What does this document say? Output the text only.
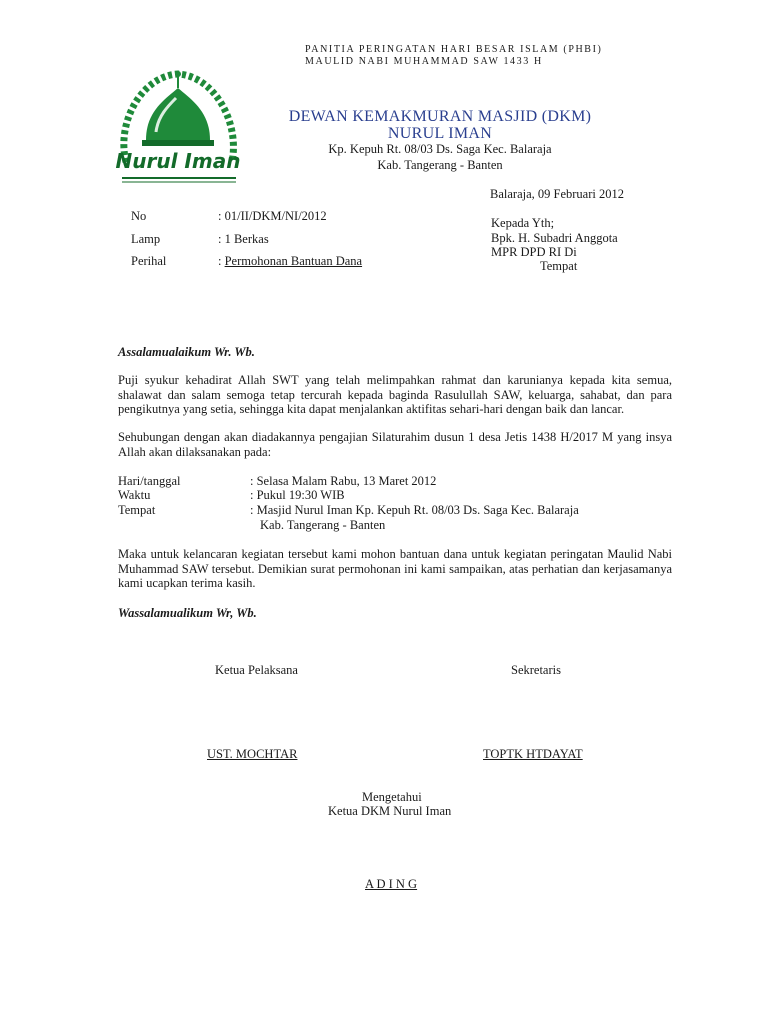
PANITIA PERINGATAN HARI BESAR ISLAM (PHBI)
MAULID NABI MUHAMMAD SAW 1433 H
Nurul Iman
DEWAN KEMAKMURAN MASJID (DKM)
NURUL IMAN
Kp. Kepuh Rt. 08/03 Ds. Saga Kec. Balaraja
Kab. Tangerang - Banten
Balaraja, 09 Februari 2012
No	: 01/II/DKM/NI/2012
Lamp	: 1 Berkas
Perihal	: Permohonan Bantuan Dana
Kepada Yth;
Bpk. H. Subadri Anggota
MPR DPD RI Di
Tempat
Assalamualaikum Wr. Wb.
Puji syukur kehadirat Allah SWT yang telah melimpahkan rahmat dan karunianya kepada kita semua, shalawat dan salam semoga tetap tercurah kepada baginda Rasulullah SAW, keluarga, sahabat, dan para pengikutnya yang setia, sehingga kita dapat menjalankan aktifitas sehari-hari dengan baik dan lancar.
Sehubungan dengan akan diadakannya pengajian Silaturahim dusun 1 desa Jetis 1438 H/2017 M yang insya Allah akan dilaksanakan pada:
Hari/tanggal	: Selasa Malam Rabu, 13 Maret 2012
Waktu	: Pukul 19:30 WIB
Tempat	: Masjid Nurul Iman Kp. Kepuh Rt. 08/03 Ds. Saga Kec. Balaraja
Kab. Tangerang - Banten
Maka untuk kelancaran kegiatan tersebut kami mohon bantuan dana untuk kegiatan peringatan Maulid Nabi Muhammad SAW tersebut. Demikian surat permohonan ini kami sampaikan, atas perhatian dan kerjasamanya kami ucapkan terima kasih.
Wassalamualikum Wr, Wb.
Ketua Pelaksana	Sekretaris
UST. MOCHTAR	TOPTK HTDAYAT
Mengetahui
Ketua DKM Nurul Iman
A D I N G
